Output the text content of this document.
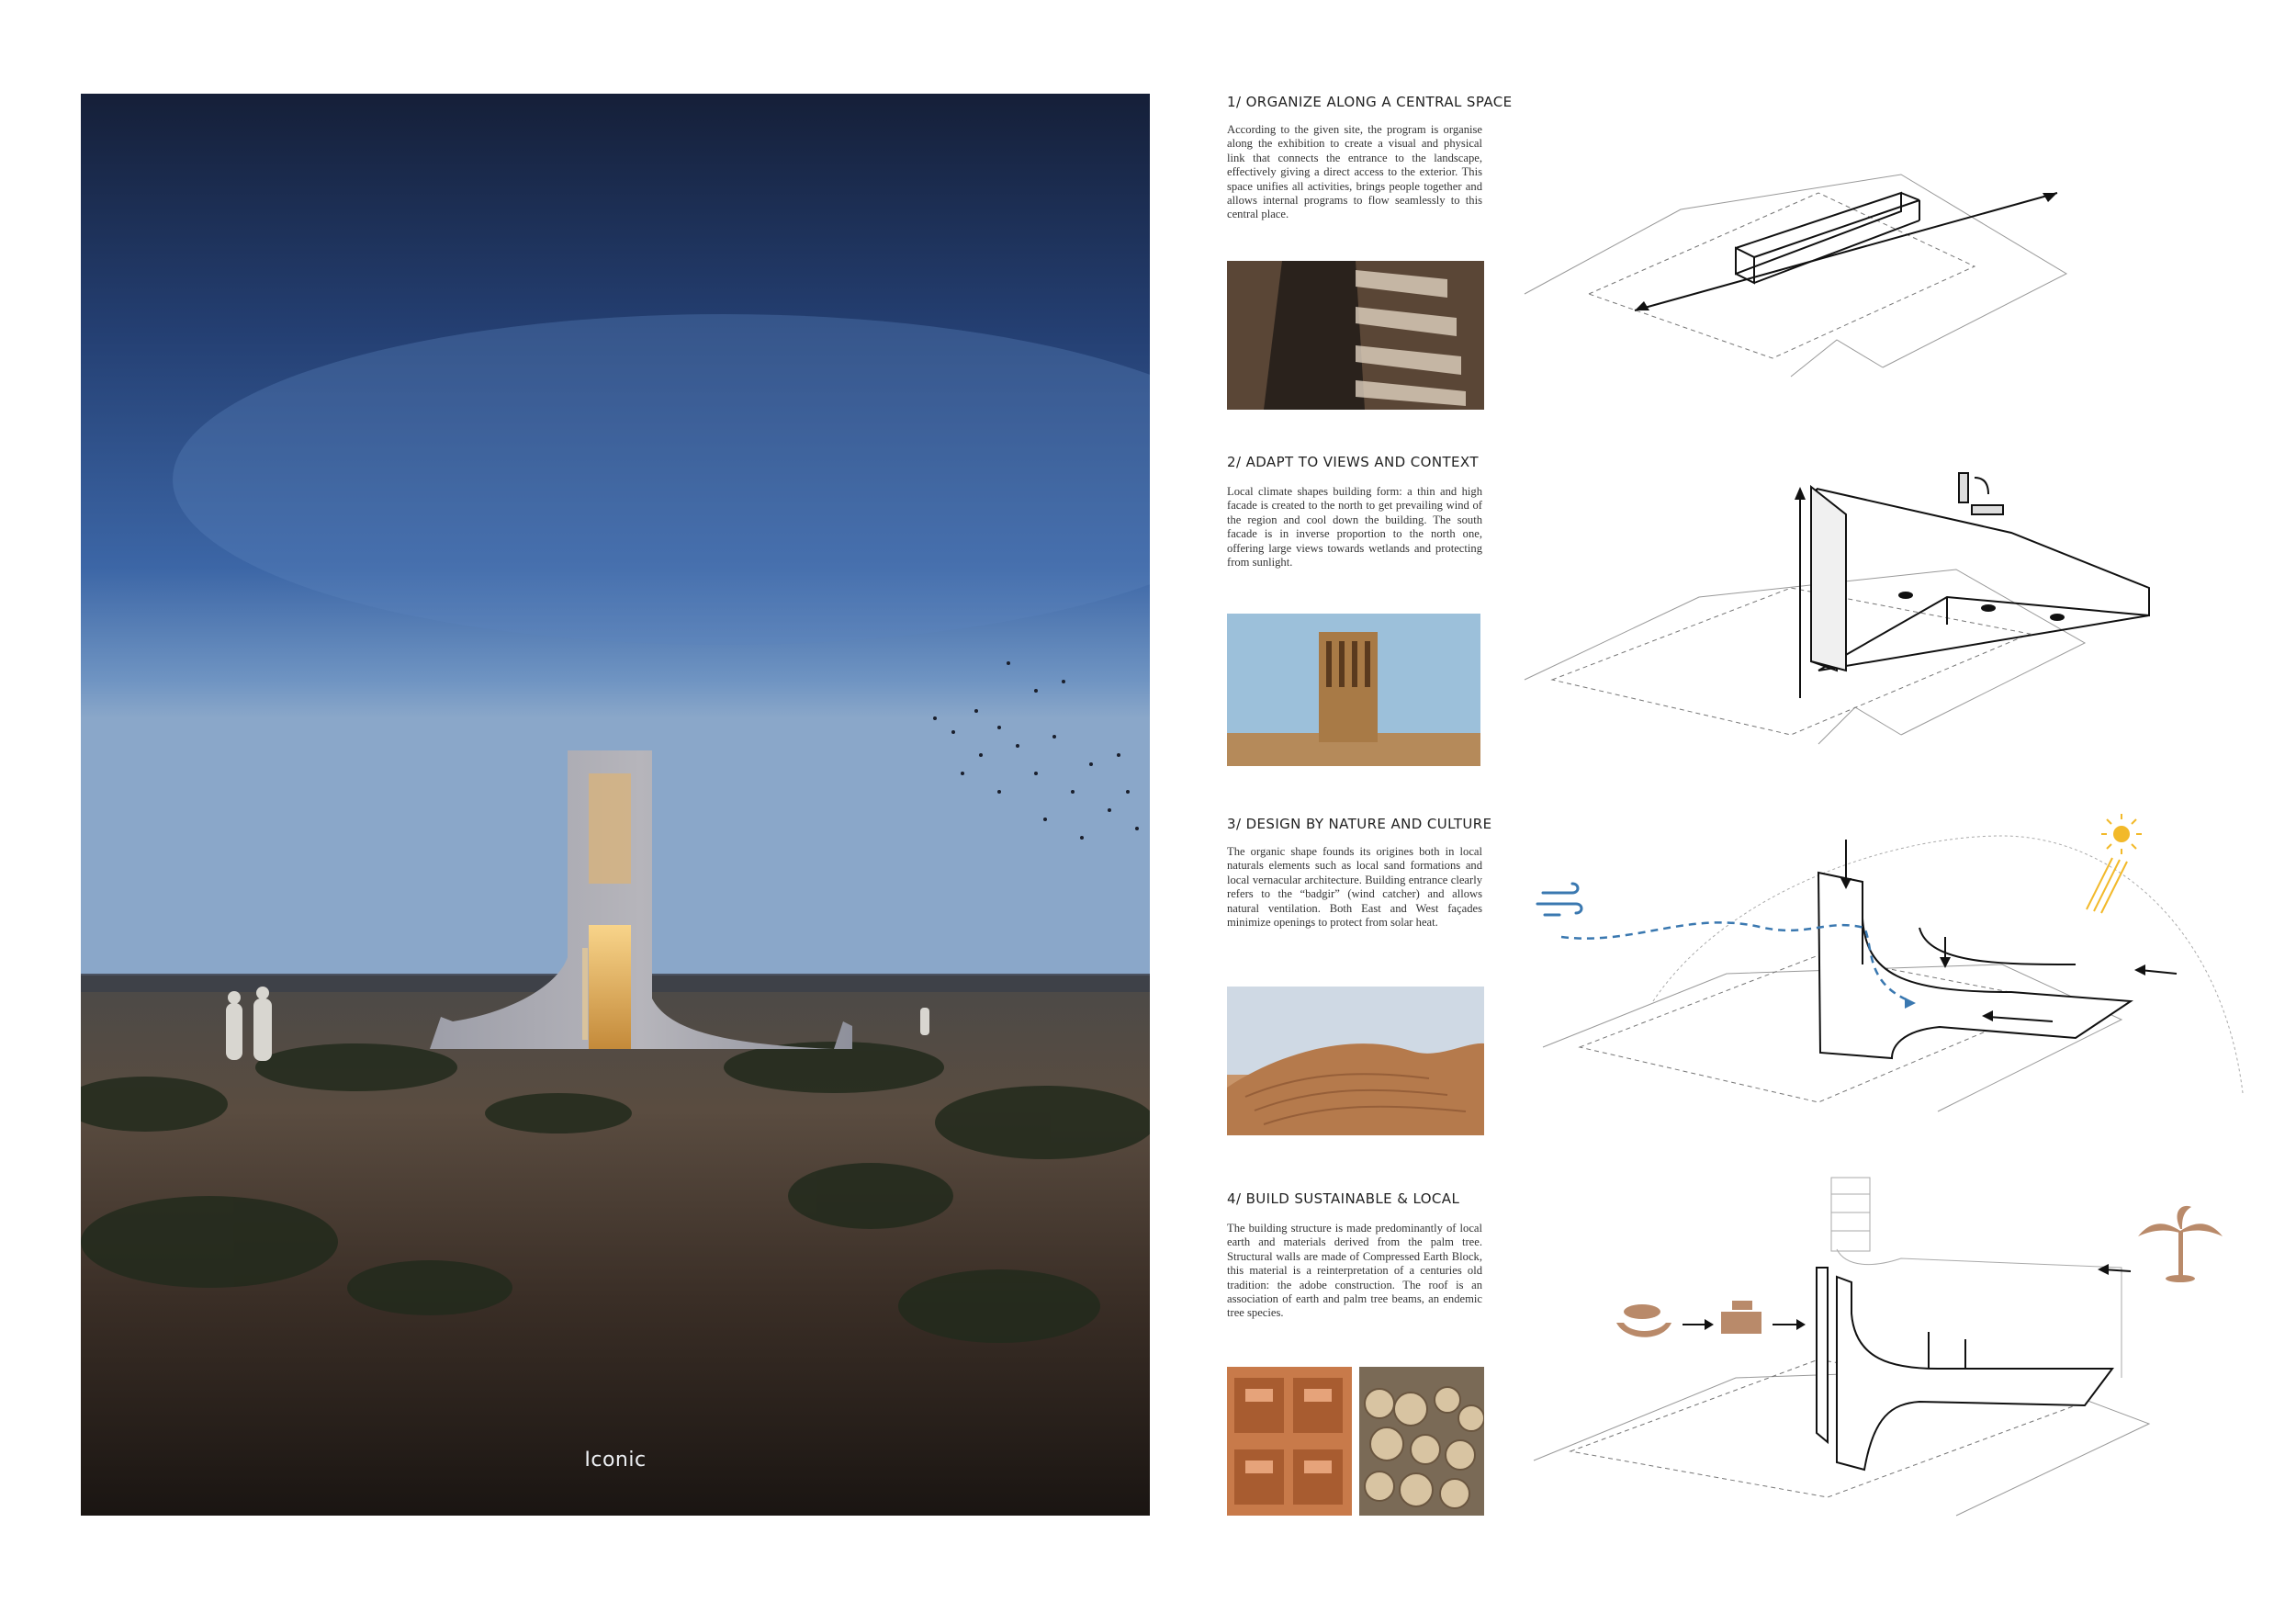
Iconic
1/ ORGANIZE ALONG A CENTRAL SPACE
According to the given site, the program is organise along the exhibition to create a visual and physical link that connects the entrance to the landscape, effectively giving a direct access to the exterior. This space unifies all activities, brings people together and allows internal programs to flow seamlessly to this central place.
2/ ADAPT TO VIEWS AND CONTEXT
Local climate shapes building form: a thin and high facade is created to the north to get prevailing wind of the region and cool down the building. The south facade is in inverse proportion to the north one, offering large views towards wetlands and protecting from sunlight.
3/ DESIGN BY NATURE AND CULTURE
The organic shape founds its origines both in local naturals elements such as local sand formations and local vernacular architecture. Building entrance clearly refers to the “badgir” (wind catcher) and allows natural ventilation. Both East and West façades minimize openings to protect from solar heat.
4/ BUILD SUSTAINABLE & LOCAL
The building structure is made predominantly of local earth and materials derived from the palm tree. Structural walls are made of Compressed Earth Block, this material is a reinterpretation of a centuries old tradition: the adobe construction. The roof is an association of earth and palm tree beams, an endemic tree species.
